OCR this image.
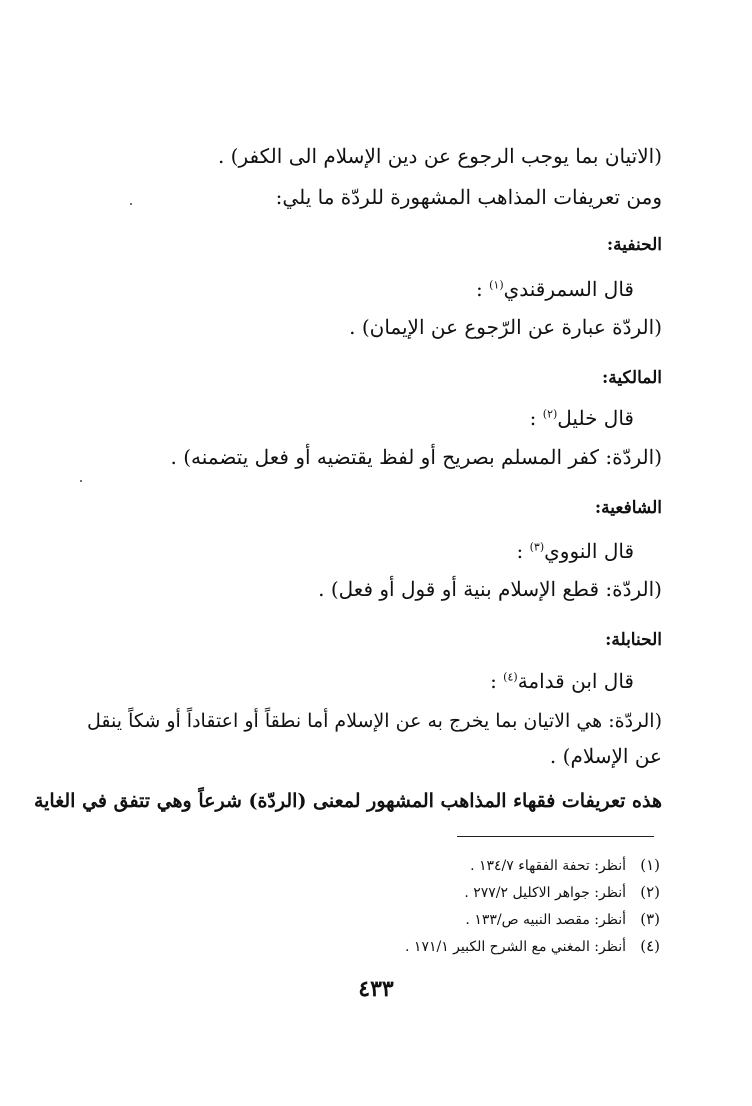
(الاتيان بما يوجب الرجوع عن دين الإسلام الى الكفر) .
ومن تعريفات المذاهب المشهورة للردّة ما يلي:
الحنفية:
قال السمرقندي$^{(١)}$ :
(الردّة عبارة عن الرّجوع عن الإيمان) .
المالكية:
قال خليل$^{(٢)}$ :
(الردّة: كفر المسلم بصريح أو لفظ يقتضيه أو فعل يتضمنه) .
الشافعية:
قال النووي$^{(٣)}$ :
(الردّة: قطع الإسلام بنية أو قول أو فعل) .
الحنابلة:
قال ابن قدامة$^{(٤)}$ :
(الردّة: هي الاتيان بما يخرج به عن الإسلام أما نطقاً أو اعتقاداً أو شكاً ينقل
عن الإسلام) .
هذه تعريفات فقهاء المذاهب المشهور لمعنى (الردّة) شرعاً وهي تتفق في الغاية
(١)أنظر: تحفة الفقهاء ١٣٤/٧ .
(٢)أنظر: جواهر الاكليل ٢٧٧/٢ .
(٣)أنظر: مقصد النبيه ص/١٣٣ .
(٤)أنظر: المغني مع الشرح الكبير ١٧١/١ .
٤٣٣
